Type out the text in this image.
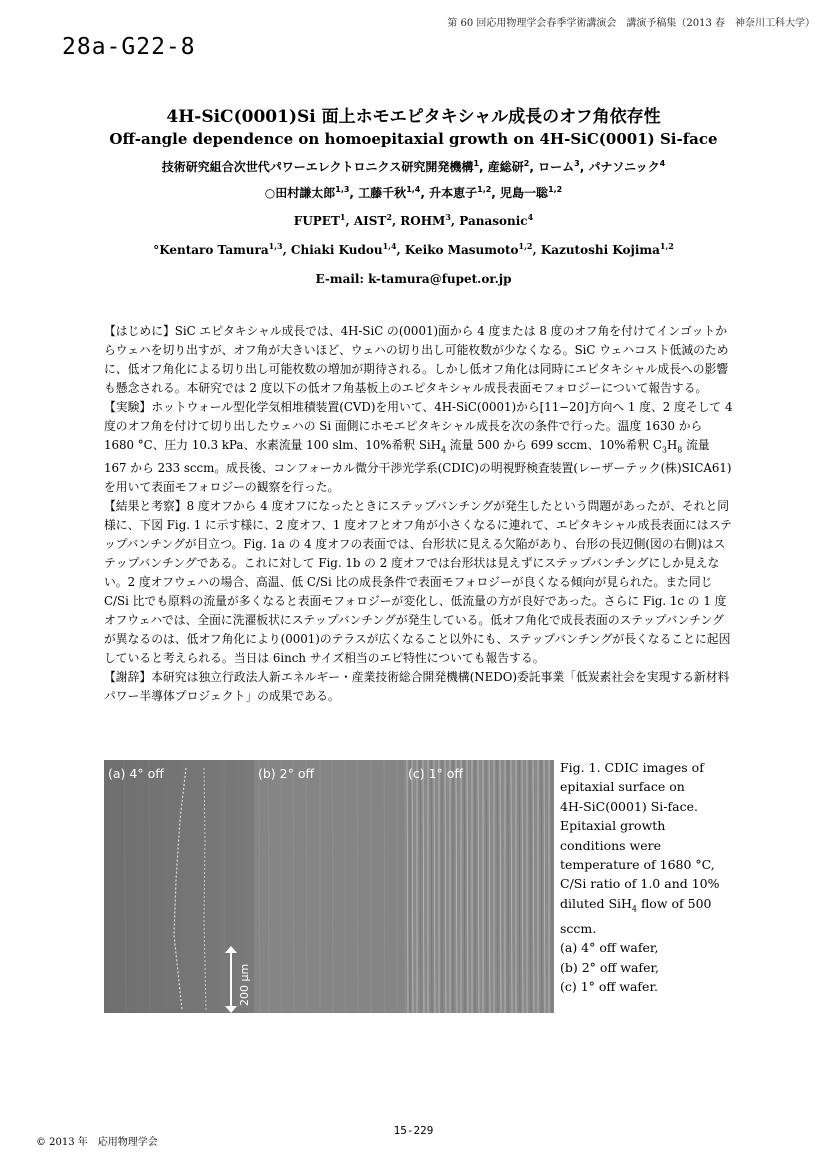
第 60 回応用物理学会春季学術講演会　講演予稿集（2013 春　神奈川工科大学）
28a-G22-8
4H-SiC(0001)Si 面上ホモエピタキシャル成長のオフ角依存性
Off-angle dependence on homoepitaxial growth on 4H-SiC(0001) Si-face
技術研究組合次世代パワーエレクトロニクス研究開発機構$^1$, 産総研$^2$, ローム$^3$, パナソニック$^4$
○田村謙太郎$^{1,3}$, 工藤千秋$^{1,4}$, 升本恵子$^{1,2}$, 児島一聡$^{1,2}$
FUPET$^1$, AIST$^2$, ROHM$^3$, Panasonic$^4$
°Kentaro Tamura$^{1,3}$, Chiaki Kudou$^{1,4}$, Keiko Masumoto$^{1,2}$, Kazutoshi Kojima$^{1,2}$
E-mail: k-tamura@fupet.or.jp

【はじめに】SiC エピタキシャル成長では、4H-SiC の(0001)面から 4 度または 8 度のオフ角を付けてインゴットからウェハを切り出すが、オフ角が大きいほど、ウェハの切り出し可能枚数が少なくなる。SiC ウェハコスト低減のために、低オフ角化による切り出し可能枚数の増加が期待される。しかし低オフ角化は同時にエピタキシャル成長への影響も懸念される。本研究では 2 度以下の低オフ角基板上のエピタキシャル成長表面モフォロジーについて報告する。

【実験】ホットウォール型化学気相堆積装置(CVD)を用いて、4H-SiC(0001)から[11−20]方向へ 1 度、2 度そして 4 度のオフ角を付けて切り出したウェハの Si 面側にホモエピタキシャル成長を次の条件で行った。温度 1630 から 1680 °C、圧力 10.3 kPa、水素流量 100 slm、10%希釈 SiH$_4$ 流量 500 から 699 sccm、10%希釈 $C_3H_8$ 流量 167 から 233 sccm。成長後、コンフォーカル微分干渉光学系(CDIC)の明視野検査装置(レーザーテック(株)SICA61)を用いて表面モフォロジーの観察を行った。

【結果と考察】8 度オフから 4 度オフになったときにステップバンチングが発生したという問題があったが、それと同様に、下図 Fig. 1 に示す様に、2 度オフ、1 度オフとオフ角が小さくなるに連れて、エピタキシャル成長表面にはステップバンチングが目立つ。Fig. 1a の 4 度オフの表面では、台形状に見える欠陥があり、台形の長辺側(図の右側)はステップバンチングである。これに対して Fig. 1b の 2 度オフでは台形状は見えずにステップバンチングにしか見えない。2 度オフウェハの場合、高温、低 C/Si 比の成長条件で表面モフォロジーが良くなる傾向が見られた。また同じ C/Si 比でも原料の流量が多くなると表面モフォロジーが変化し、低流量の方が良好であった。さらに Fig. 1c の 1 度オフウェハでは、全面に洗濯板状にステップバンチングが発生している。低オフ角化で成長表面のステップバンチングが異なるのは、低オフ角化により(0001)のテラスが広くなること以外にも、ステップバンチングが長くなることに起因していると考えられる。当日は 6inch サイズ相当のエピ特性についても報告する。

【謝辞】本研究は独立行政法人新エネルギー・産業技術総合開発機構(NEDO)委託事業「低炭素社会を実現する新材料パワー半導体プロジェクト」の成果である。

(a) 4° off	(b) 2° off	(c) 1° off
200 μm
Fig. 1. CDIC images of
epitaxial surface on
4H-SiC(0001) Si-face.
Epitaxial growth
conditions were
temperature of 1680 °C,
C/Si ratio of 1.0 and 10%
diluted SiH$_4$ flow of 500
sccm.
(a) 4° off wafer,
(b) 2° off wafer,
(c) 1° off wafer.
15-229
© 2013 年　応用物理学会
